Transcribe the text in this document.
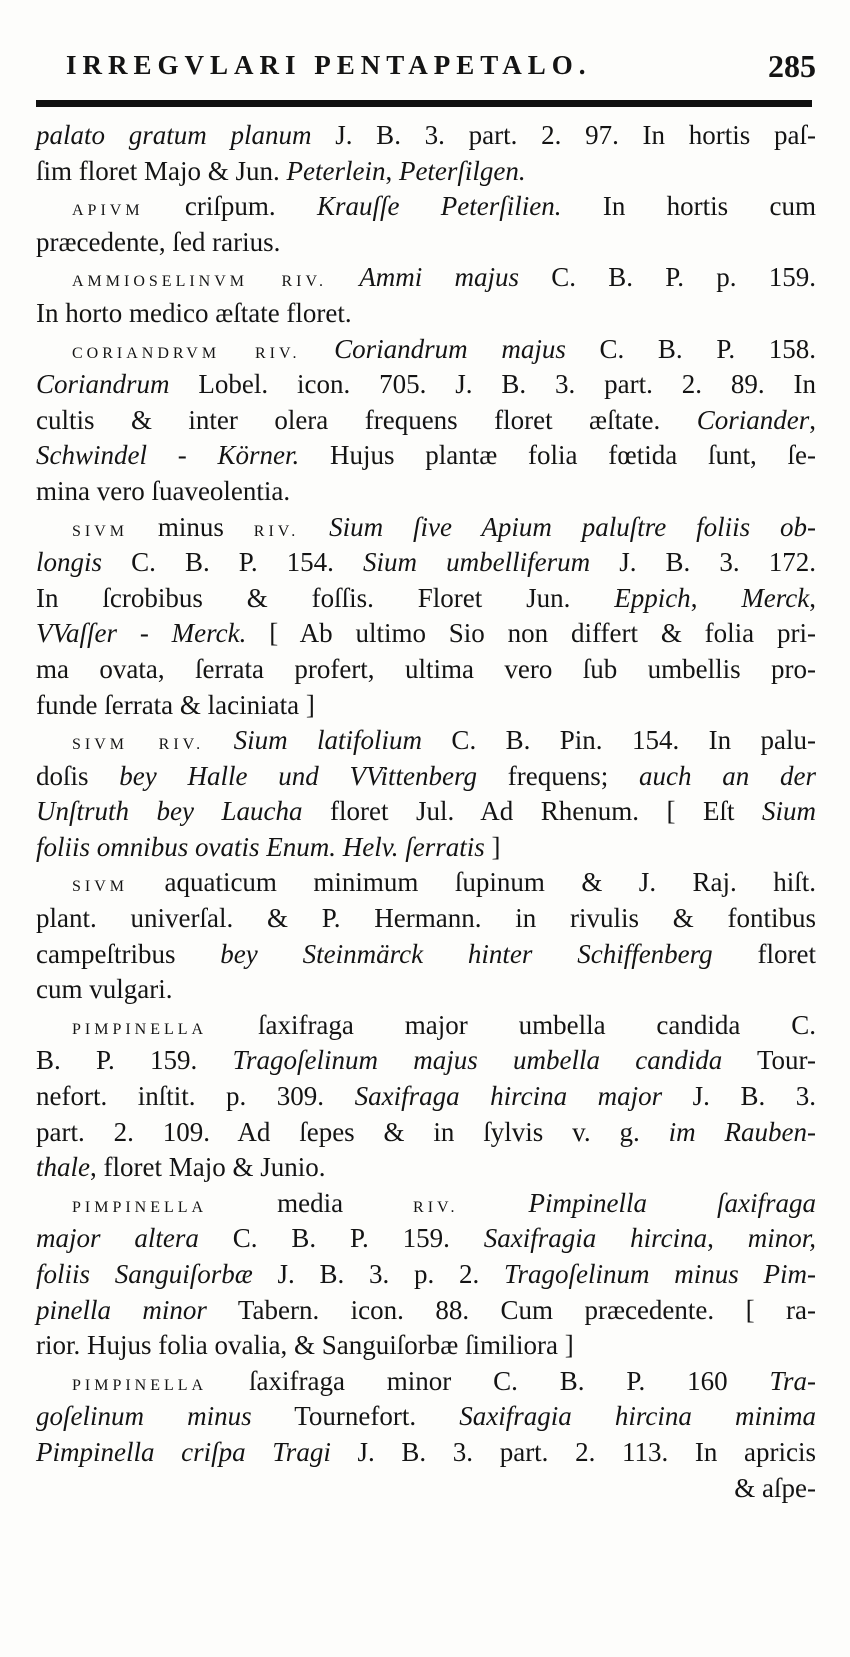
IRREGVLARI PENTAPETALO.	285
palato gratum planum J. B. 3. part. 2. 97. In hortis paſ-
ſim floret Majo & Jun. Peterlein, Peterſilgen.
APIVM criſpum. Krauſſe Peterſilien. In hortis cum
præcedente, ſed rarius.
AMMIOSELINVM RIV. Ammi majus C. B. P. p. 159.
In horto medico æſtate floret.
CORIANDRVM RIV. Coriandrum majus C. B. P. 158.
Coriandrum Lobel. icon. 705. J. B. 3. part. 2. 89. In
cultis & inter olera frequens floret æſtate. Coriander,
Schwindel - Körner. Hujus plantæ folia fœtida ſunt, ſe-
mina vero ſuaveolentia.
SIVM minus RIV. Sium ſive Apium paluſtre foliis ob-
longis C. B. P. 154. Sium umbelliferum J. B. 3. 172.
In ſcrobibus & foſſis. Floret Jun. Eppich, Merck,
VVaſſer - Merck. [ Ab ultimo Sio non differt & folia pri-
ma ovata, ſerrata profert, ultima vero ſub umbellis pro-
funde ſerrata & laciniata ]
SIVM RIV. Sium latifolium C. B. Pin. 154. In palu-
doſis bey Halle und VVittenberg frequens; auch an der
Unſtruth bey Laucha floret Jul. Ad Rhenum. [ Eſt Sium
foliis omnibus ovatis Enum. Helv. ſerratis ]
SIVM aquaticum minimum ſupinum & J. Raj. hiſt.
plant. univerſal. & P. Hermann. in rivulis & fontibus
campeſtribus bey Steinmärck hinter Schiffenberg floret
cum vulgari.
PIMPINELLA ſaxifraga major umbella candida C.
B. P. 159. Tragoſelinum majus umbella candida Tour-
nefort. inſtit. p. 309. Saxifraga hircina major J. B. 3.
part. 2. 109. Ad ſepes & in ſylvis v. g. im Rauben-
thale, floret Majo & Junio.
PIMPINELLA media RIV.	Pimpinella ſaxifraga
major altera C. B. P. 159. Saxifragia hircina, minor,
foliis Sanguiſorbæ J. B. 3. p. 2. Tragoſelinum minus Pim-
pinella minor Tabern. icon. 88. Cum præcedente. [ ra-
rior. Hujus folia ovalia, & Sanguiſorbæ ſimiliora ]
PIMPINELLA ſaxifraga minor C. B. P. 160 Tra-
goſelinum minus Tournefort. Saxifragia hircina minima
Pimpinella criſpa Tragi J. B. 3. part. 2. 113. In apricis
& aſpe-
